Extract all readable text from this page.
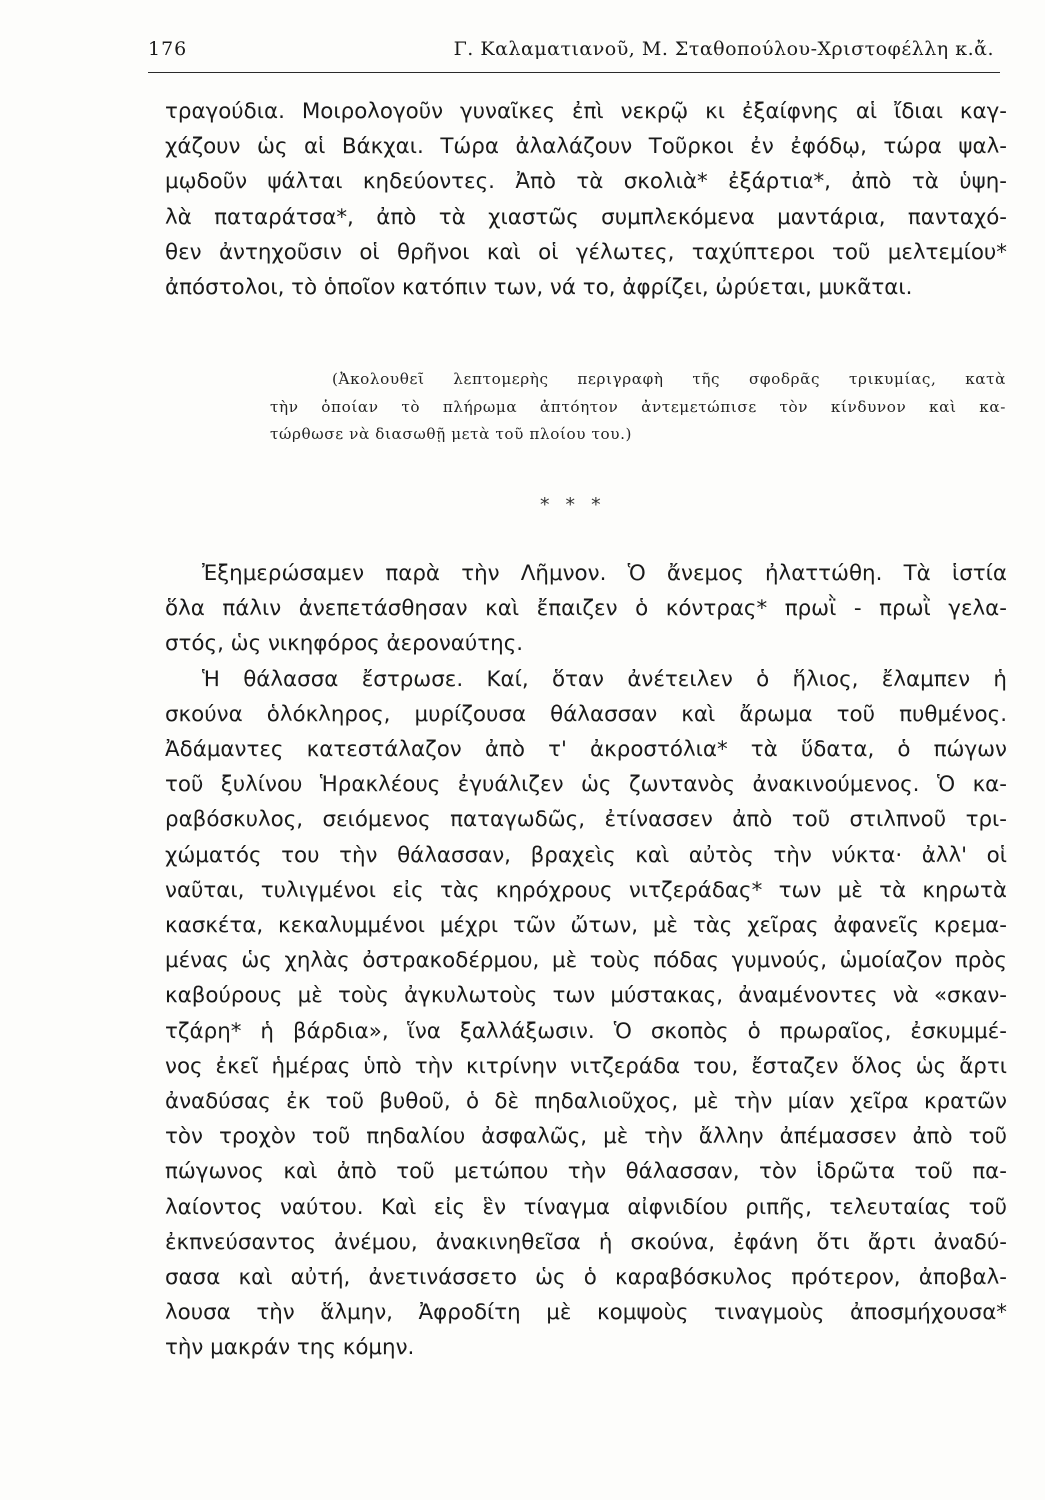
176	Γ. Καλαματιανοῦ, Μ. Σταθοπούλου-Χριστοφέλλη κ.ἄ.

τραγούδια. Μοιρολογοῦν γυναῖκες ἐπὶ νεκρῷ κι ἐξαίφνης αἱ ἴδιαι καγ-

χάζουν ὡς αἱ Βάκχαι. Τώρα ἀλαλάζουν Τοῦρκοι ἐν ἐφόδῳ, τώρα ψαλ-

μῳδοῦν ψάλται κηδεύοντες. Ἀπὸ τὰ σκολιὰ* ἐξάρτια*, ἀπὸ τὰ ὑψη-

λὰ παταράτσα*, ἀπὸ τὰ χιαστῶς συμπλεκόμενα μαντάρια, πανταχό-

θεν ἀντηχοῦσιν οἱ θρῆνοι καὶ οἱ γέλωτες, ταχύπτεροι τοῦ μελτεμίου*

ἀπόστολοι, τὸ ὁποῖον κατόπιν των, νά το, ἀφρίζει, ὠρύεται, μυκᾶται.

(Ἀκολουθεῖ λεπτομερὴς περιγραφὴ τῆς σφοδρᾶς τρικυμίας, κατὰ

τὴν ὁποίαν τὸ πλήρωμα ἀπτόητον ἀντεμετώπισε τὸν κίνδυνον καὶ κα-

τώρθωσε νὰ διασωθῇ μετὰ τοῦ πλοίου του.)

* * *

Ἐξημερώσαμεν παρὰ τὴν Λῆμνον. Ὁ ἄνεμος ἠλαττώθη. Τὰ ἱστία

ὅλα πάλιν ἀνεπετάσθησαν καὶ ἔπαιζεν ὁ κόντρας* πρωῒ - πρωῒ γελα-

στός, ὡς νικηφόρος ἀεροναύτης.

Ἡ θάλασσα ἔστρωσε. Καί, ὅταν ἀνέτειλεν ὁ ἥλιος, ἔλαμπεν ἡ

σκούνα ὁλόκληρος, μυρίζουσα θάλασσαν καὶ ἄρωμα τοῦ πυθμένος.

Ἀδάμαντες κατεστάλαζον ἀπὸ τ' ἀκροστόλια* τὰ ὕδατα, ὁ πώγων

τοῦ ξυλίνου Ἡρακλέους ἐγυάλιζεν ὡς ζωντανὸς ἀνακινούμενος. Ὁ κα-

ραβόσκυλος, σειόμενος παταγωδῶς, ἐτίνασσεν ἀπὸ τοῦ στιλπνοῦ τρι-

χώματός του τὴν θάλασσαν, βραχεὶς καὶ αὐτὸς τὴν νύκτα· ἀλλ' οἱ

ναῦται, τυλιγμένοι εἰς τὰς κηρόχρους νιτζεράδας* των μὲ τὰ κηρωτὰ

κασκέτα, κεκαλυμμένοι μέχρι τῶν ὤτων, μὲ τὰς χεῖρας ἀφανεῖς κρεμα-

μένας ὡς χηλὰς ὀστρακοδέρμου, μὲ τοὺς πόδας γυμνούς, ὡμοίαζον πρὸς

καβούρους μὲ τοὺς ἀγκυλωτοὺς των μύστακας, ἀναμένοντες νὰ «σκαν-

τζάρη* ἡ βάρδια», ἵνα ξαλλάξωσιν. Ὁ σκοπὸς ὁ πρωραῖος, ἐσκυμμέ-

νος ἐκεῖ ἡμέρας ὑπὸ τὴν κιτρίνην νιτζεράδα του, ἔσταζεν ὅλος ὡς ἄρτι

ἀναδύσας ἐκ τοῦ βυθοῦ, ὁ δὲ πηδαλιοῦχος, μὲ τὴν μίαν χεῖρα κρατῶν

τὸν τροχὸν τοῦ πηδαλίου ἀσφαλῶς, μὲ τὴν ἄλλην ἀπέμασσεν ἀπὸ τοῦ

πώγωνος καὶ ἀπὸ τοῦ μετώπου τὴν θάλασσαν, τὸν ἱδρῶτα τοῦ πα-

λαίοντος ναύτου. Καὶ εἰς ἓν τίναγμα αἰφνιδίου ριπῆς, τελευταίας τοῦ

ἐκπνεύσαντος ἀνέμου, ἀνακινηθεῖσα ἡ σκούνα, ἐφάνη ὅτι ἄρτι ἀναδύ-

σασα καὶ αὐτή, ἀνετινάσσετο ὡς ὁ καραβόσκυλος πρότερον, ἀποβαλ-

λουσα τὴν ἅλμην, Ἀφροδίτη μὲ κομψοὺς τιναγμοὺς ἀποσμήχουσα*

τὴν μακράν της κόμην.
